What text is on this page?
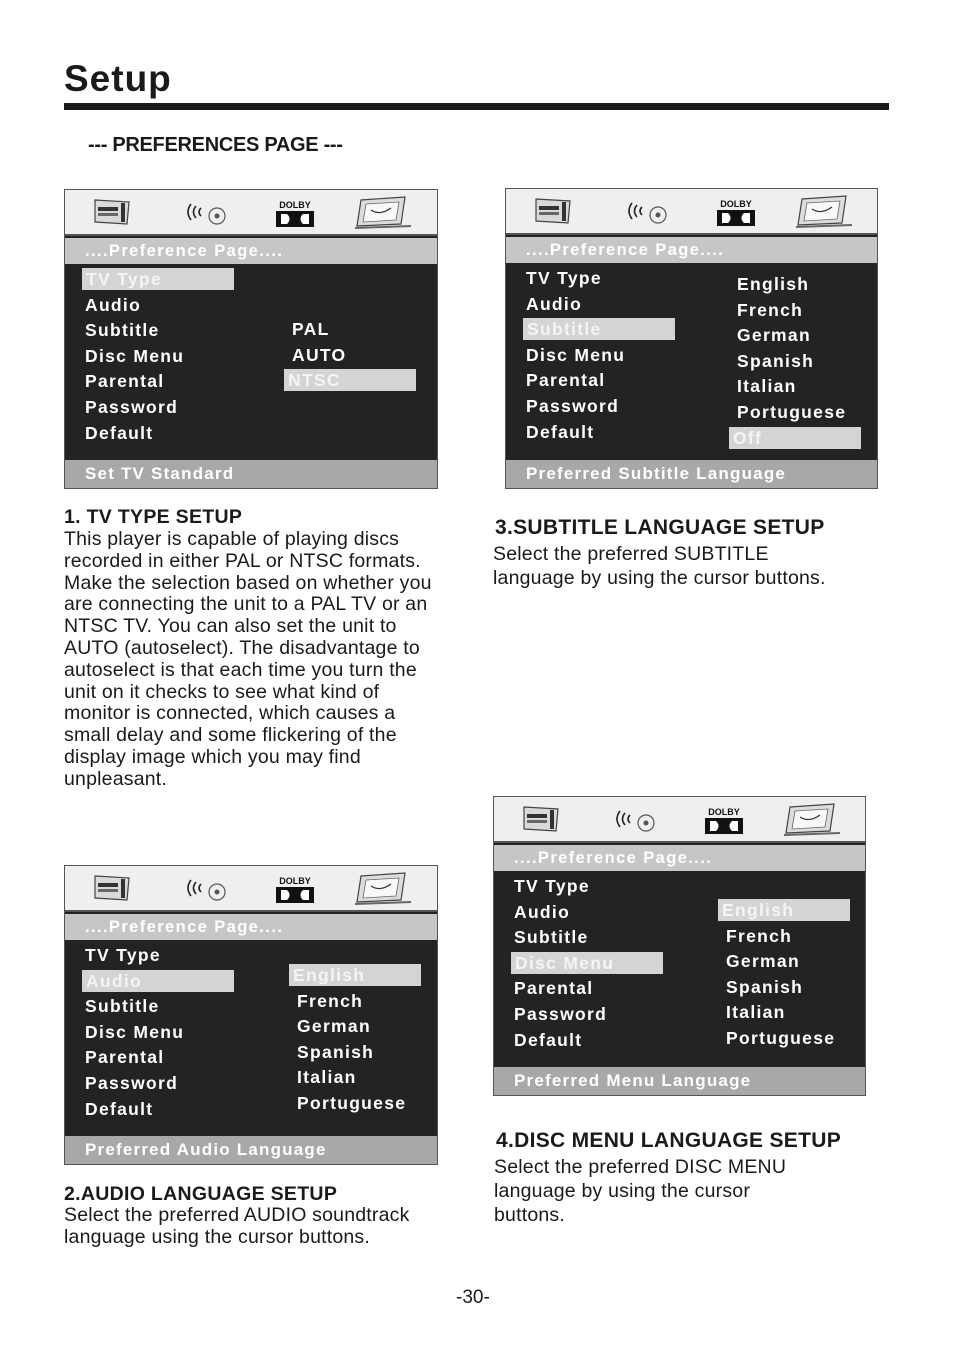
Setup
--- PREFERENCES PAGE ---
DOLBY
....Preference Page....
TV Type
Audio
Subtitle
Disc Menu
Parental
Password
Default
PAL
AUTO
NTSC
Set TV Standard
DOLBY
....Preference Page....
TV Type
Audio
Subtitle
Disc Menu
Parental
Password
Default
English
French
German
Spanish
Italian
Portuguese
Off
Preferred Subtitle Language
DOLBY
....Preference Page....
TV Type
Audio
Subtitle
Disc Menu
Parental
Password
Default
English
French
German
Spanish
Italian
Portuguese
Preferred Audio Language
DOLBY
....Preference Page....
TV Type
Audio
Subtitle
Disc Menu
Parental
Password
Default
English
French
German
Spanish
Italian
Portuguese
Preferred Menu Language
1. TV TYPE SETUP
This player is capable of playing discs
recorded in either PAL or NTSC formats.
Make the selection based on whether you
are connecting the unit to a PAL TV or an
NTSC TV. You can also set the unit to
AUTO (autoselect). The disadvantage to
autoselect is that each time you turn the
unit on it checks to see what kind of
monitor is connected, which causes a
small delay and some flickering of the
display image which you may find
unpleasant.
3.SUBTITLE LANGUAGE SETUP
Select the preferred SUBTITLE
language by using the cursor buttons.
2.AUDIO LANGUAGE SETUP
Select the preferred AUDIO soundtrack
language using the cursor buttons.
4.DISC MENU LANGUAGE SETUP
Select the preferred DISC MENU
language by using the cursor
buttons.
-30-
